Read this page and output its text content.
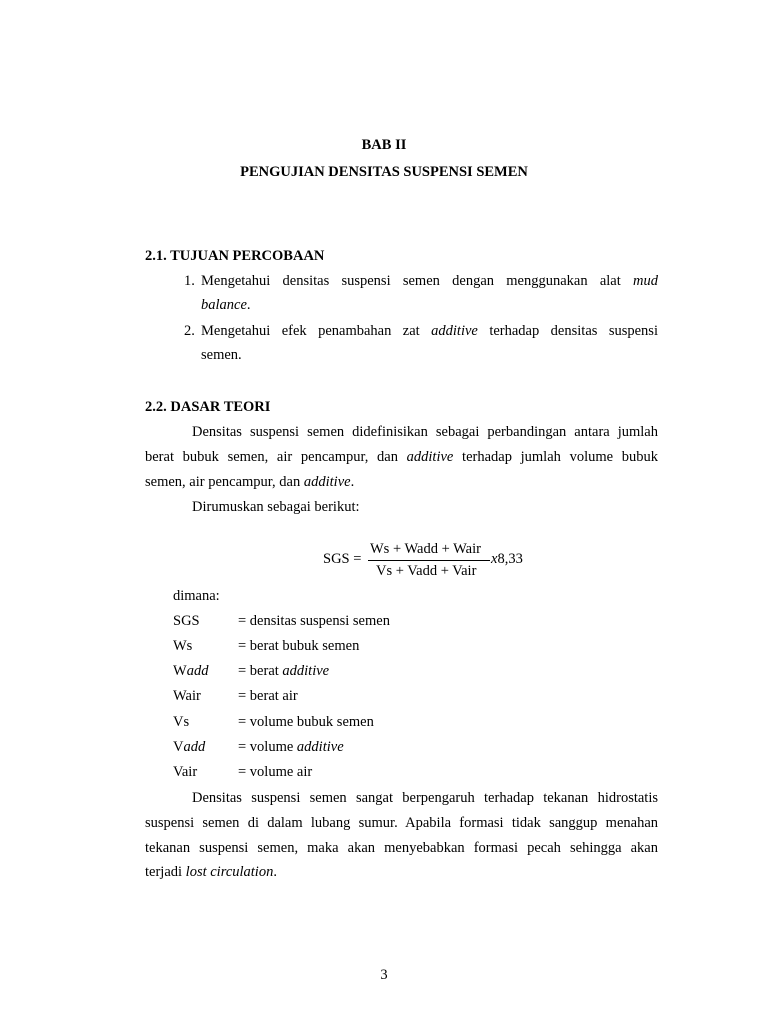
BAB II
PENGUJIAN DENSITAS SUSPENSI SEMEN
2.1. TUJUAN PERCOBAAN
1. Mengetahui densitas suspensi semen dengan menggunakan alat mud
balance.
2. Mengetahui efek penambahan zat additive terhadap densitas suspensi
semen.
2.2. DASAR TEORI
Densitas suspensi semen didefinisikan sebagai perbandingan antara jumlah
berat bubuk semen, air pencampur, dan additive terhadap jumlah volume bubuk
semen, air pencampur, dan additive.
Dirumuskan sebagai berikut:
SGS =
Ws + Wadd + Wair
Vs + Vadd + Vair
x8,33
dimana:
SGS	= densitas suspensi semen
Ws	= berat bubuk semen
Wadd = berat additive
Wair	= berat air
Vs	= volume bubuk semen
Vadd = volume additive
Vair	= volume air
Densitas suspensi semen sangat berpengaruh terhadap tekanan hidrostatis
suspensi semen di dalam lubang sumur. Apabila formasi tidak sanggup menahan
tekanan suspensi semen, maka akan menyebabkan formasi pecah sehingga akan
terjadi lost circulation.
3
